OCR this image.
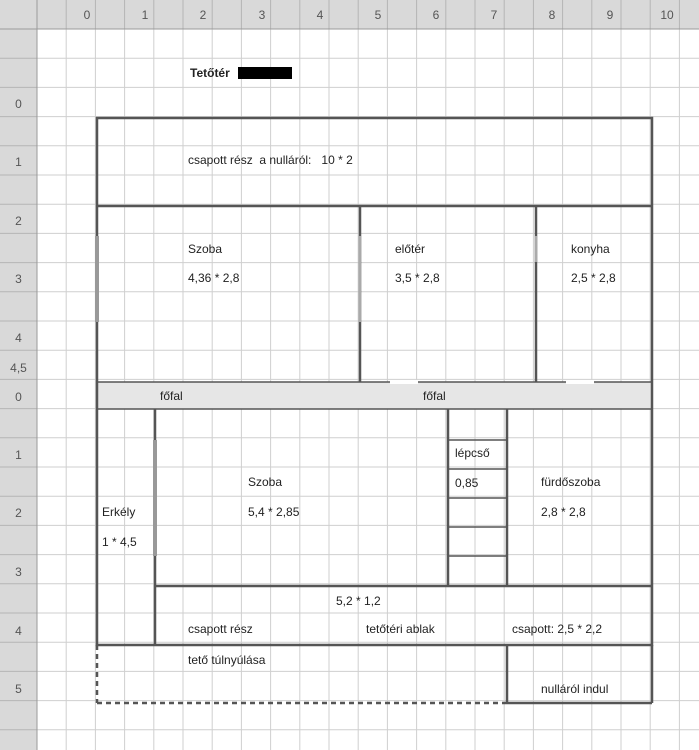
0	1	2	3	4	5	6	7	8	9	10
0
1
2
3
4
4,5
0
1
2
3
4
5
Tetőtér
csapott rész  a nulláról:   10 * 2
Szoba
4,36 * 2,8
előtér
3,5 * 2,8
konyha
2,5 * 2,8
főfal	főfal
Erkély
1 * 4,5
Szoba
5,4 * 2,85
lépcső
0,85	fürdőszoba
2,8 * 2,8
5,2 * 1,2
csapott rész	tetőtéri ablak	csapott: 2,5 * 2,2
tető túlnyúlása
nulláról indul
